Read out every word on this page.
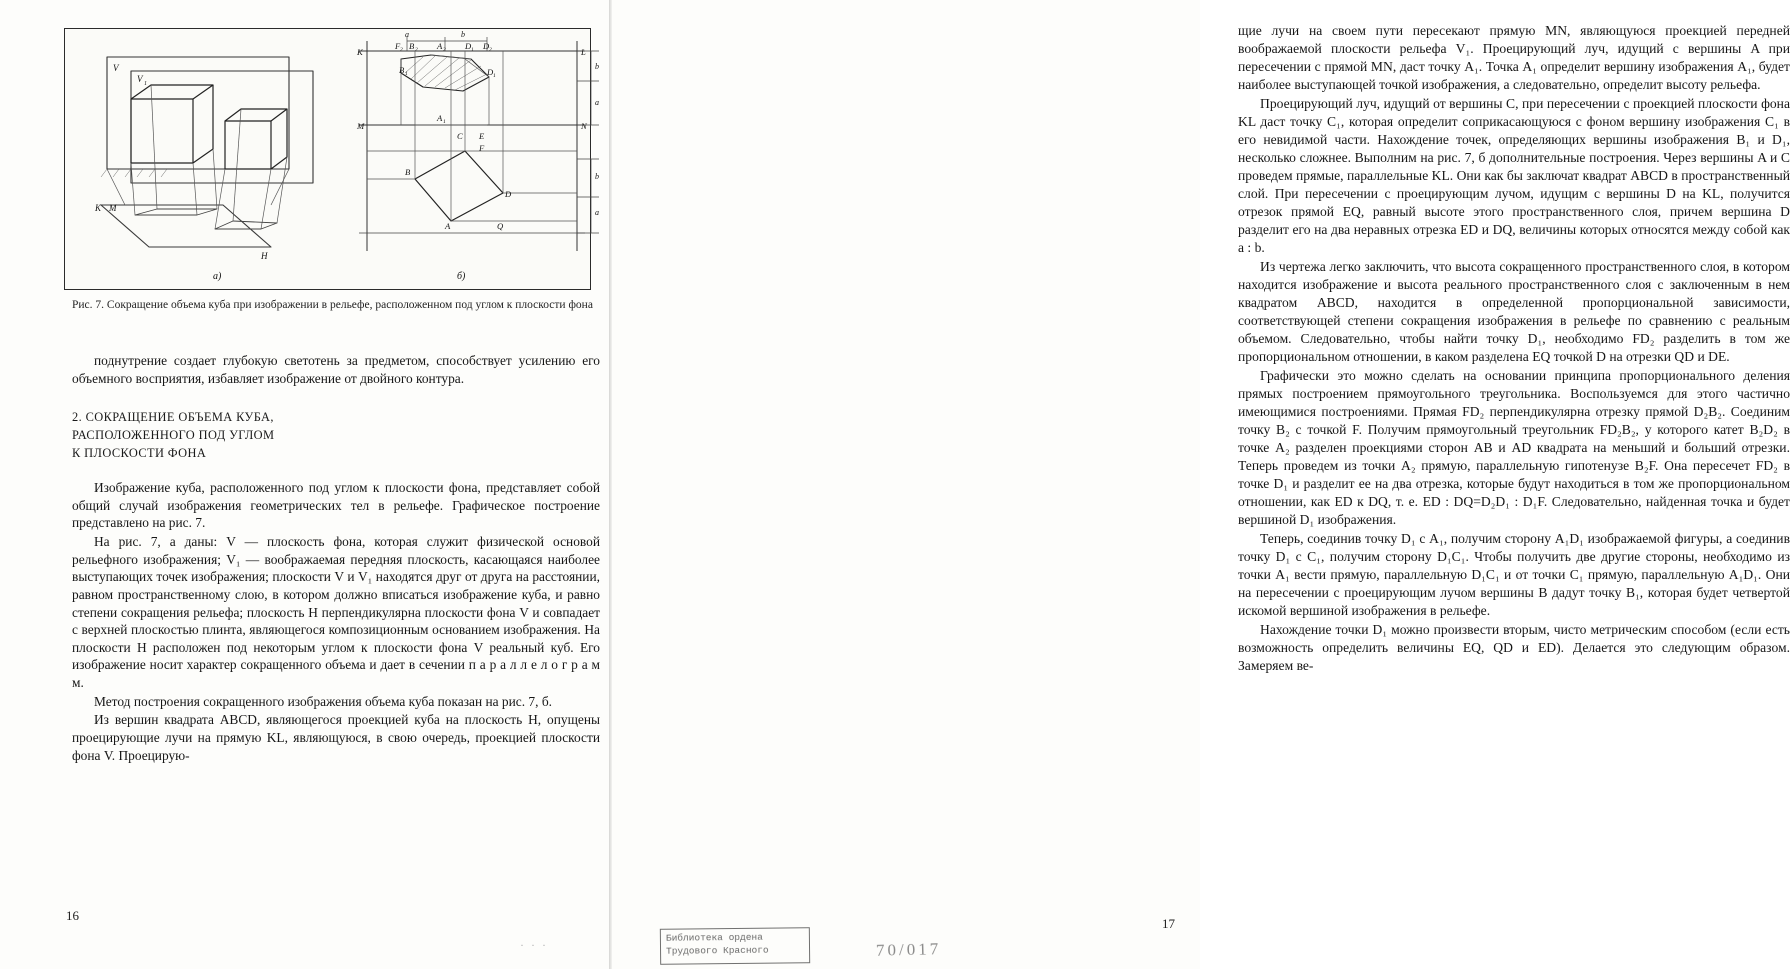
V
V 1
К М
Н
а)
К	L
М	N
F 2 B 2 A 2 D 1 D 2
B 1	D 1
A 1
C E
F
B
D
A	Q
a	b
b
a
b
a
б)
Рис. 7. Сокращение объема куба при изображении в рельефе, расположенном под углом к плоскости фона

поднутрение создает глубокую светотень за предметом, способствует усилению его объемного восприятия, избавляет изображение от двойного контура.

2. СОКРАЩЕНИЕ ОБЪЕМА КУБА,
РАСПОЛОЖЕННОГО ПОД УГЛОМ
К ПЛОСКОСТИ ФОНА

Изображение куба, расположенного под углом к плоскости фона, представляет собой общий случай изображения геометрических тел в рельефе. Графическое построение представлено на рис. 7.

На рис. 7, а даны: V — плоскость фона, которая служит физической основой рельефного изображения; V₁ — воображаемая передняя плоскость, касающаяся наиболее выступающих точек изображения; плоскости V и V₁ находятся друг от друга на расстоянии, равном пространственному слою, в котором должно вписаться изображение куба, и равно степени сокращения рельефа; плоскость H перпендикулярна плоскости фона V и совпадает с верхней плоскостью плинта, являющегося композиционным основанием изображения. На плоскости H расположен под некоторым углом к плоскости фона V реальный куб. Его изображение носит характер сокращенного объема и дает в сечении п а р а л л е л о г р а м м.

Метод построения сокращенного изображения объема куба показан на рис. 7, б.

Из вершин квадрата ABCD, являющегося проекцией куба на плоскость H, опущены проецирующие лучи на прямую KL, являющуюся, в свою очередь, проекцией плоскости фона V. Проецирую-

16

щие лучи на своем пути пересекают прямую MN, являющуюся проекцией передней воображаемой плоскости рельефа V₁. Проецирующий луч, идущий с вершины A при пересечении с прямой MN, даст точку A₁. Точка A₁ определит вершину изображения A₁, будет наиболее выступающей точкой изображения, а следовательно, определит высоту рельефа.

Проецирующий луч, идущий от вершины C, при пересечении с проекцией плоскости фона KL даст точку C₁, которая определит соприкасающуюся с фоном вершину изображения C₁ в его невидимой части. Нахождение точек, определяющих вершины изображения B₁ и D₁, несколько сложнее. Выполним на рис. 7, б дополнительные построения. Через вершины A и C проведем прямые, параллельные KL. Они как бы заключат квадрат ABCD в пространственный слой. При пересечении с проецирующим лучом, идущим с вершины D на KL, получится отрезок прямой EQ, равный высоте этого пространственного слоя, причем вершина D разделит его на два неравных отрезка ED и DQ, величины которых относятся между собой как a : b.

Из чертежа легко заключить, что высота сокращенного пространственного слоя, в котором находится изображение и высота реального пространственного слоя с заключенным в нем квадратом ABCD, находится в определенной пропорциональной зависимости, соответствующей степени сокращения изображения в рельефе по сравнению с реальным объемом. Следовательно, чтобы найти точку D₁, необходимо FD₂ разделить в том же пропорциональном отношении, в каком разделена EQ точкой D на отрезки QD и DE.

Графически это можно сделать на основании принципа пропорционального деления прямых построением прямоугольного треугольника. Воспользуемся для этого частично имеющимися построениями. Прямая FD₂ перпендикулярна отрезку прямой D₂B₂. Соединим точку B₂ с точкой F. Получим прямоугольный треугольник FD₂B₂, у которого катет B₂D₂ в точке A₂ разделен проекциями сторон AB и AD квадрата на меньший и больший отрезки. Теперь проведем из точки A₂ прямую, параллельную гипотенузе B₂F. Она пересечет FD₂ в точке D₁ и разделит ее на два отрезка, которые будут находиться в том же пропорциональном отношении, как ED к DQ, т. е. ED : DQ=D₂D₁ : D₁F. Следовательно, найденная точка и будет вершиной D₁ изображения.

Теперь, соединив точку D₁ с A₁, получим сторону A₁D₁ изображаемой фигуры, а соединив точку D₁ с C₁, получим сторону D₁C₁. Чтобы получить две другие стороны, необходимо из точки A₁ вести прямую, параллельную D₁C₁ и от точки C₁ прямую, параллельную A₁D₁. Они на пересечении с проецирующим лучом вершины B дадут точку B₁, которая будет четвертой искомой вершиной изображения в рельефе.

Нахождение точки D₁ можно произвести вторым, чисто метрическим способом (если есть возможность определить величины EQ, QD и ED). Делается это следующим образом. Замеряем ве-

17
· · ·
Библиотека ордена
Трудового Красного	70/017
